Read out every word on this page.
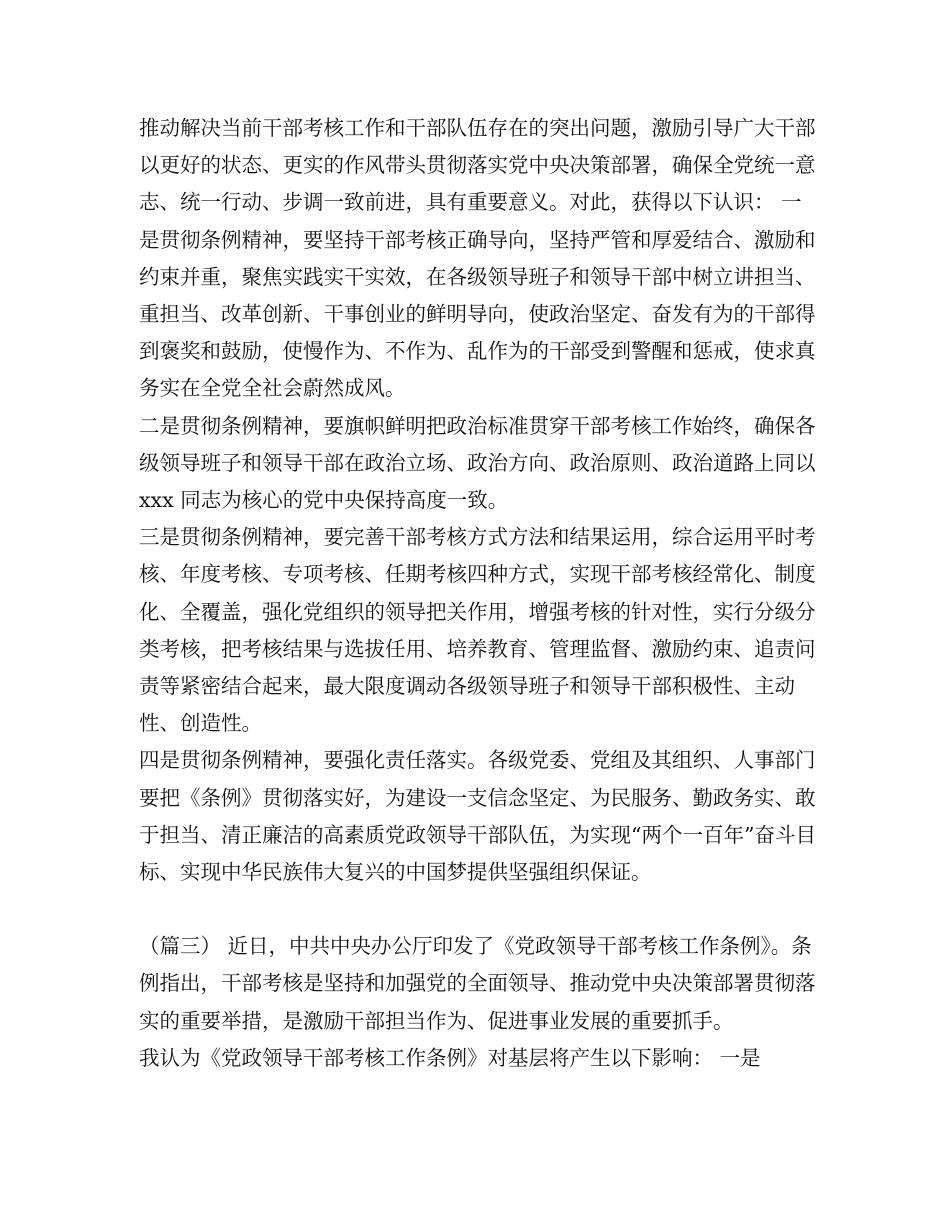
推动解决当前干部考核工作和干部队伍存在的突出问题，激励引导广大干部以更好的状态、更实的作风带头贯彻落实党中央决策部署，确保全党统一意志、统一行动、步调一致前进，具有重要意义。对此，获得以下认识： 一是贯彻条例精神，要坚持干部考核正确导向，坚持严管和厚爱结合、激励和约束并重，聚焦实践实干实效，在各级领导班子和领导干部中树立讲担当、重担当、改革创新、干事创业的鲜明导向，使政治坚定、奋发有为的干部得到褒奖和鼓励，使慢作为、不作为、乱作为的干部受到警醒和惩戒，使求真务实在全党全社会蔚然成风。

二是贯彻条例精神，要旗帜鲜明把政治标准贯穿干部考核工作始终，确保各级领导班子和领导干部在政治立场、政治方向、政治原则、政治道路上同以 xxx 同志为核心的党中央保持高度一致。

三是贯彻条例精神，要完善干部考核方式方法和结果运用，综合运用平时考核、年度考核、专项考核、任期考核四种方式，实现干部考核经常化、制度化、全覆盖，强化党组织的领导把关作用，增强考核的针对性，实行分级分类考核，把考核结果与选拔任用、培养教育、管理监督、激励约束、追责问责等紧密结合起来，最大限度调动各级领导班子和领导干部积极性、主动性、创造性。

四是贯彻条例精神，要强化责任落实。各级党委、党组及其组织、人事部门要把《条例》贯彻落实好，为建设一支信念坚定、为民服务、勤政务实、敢于担当、清正廉洁的高素质党政领导干部队伍，为实现“两个一百年”奋斗目标、实现中华民族伟大复兴的中国梦提供坚强组织保证。

（篇三） 近日，中共中央办公厅印发了《党政领导干部考核工作条例》。条例指出，干部考核是坚持和加强党的全面领导、推动党中央决策部署贯彻落实的重要举措，是激励干部担当作为、促进事业发展的重要抓手。

我认为《党政领导干部考核工作条例》对基层将产生以下影响： 一是
